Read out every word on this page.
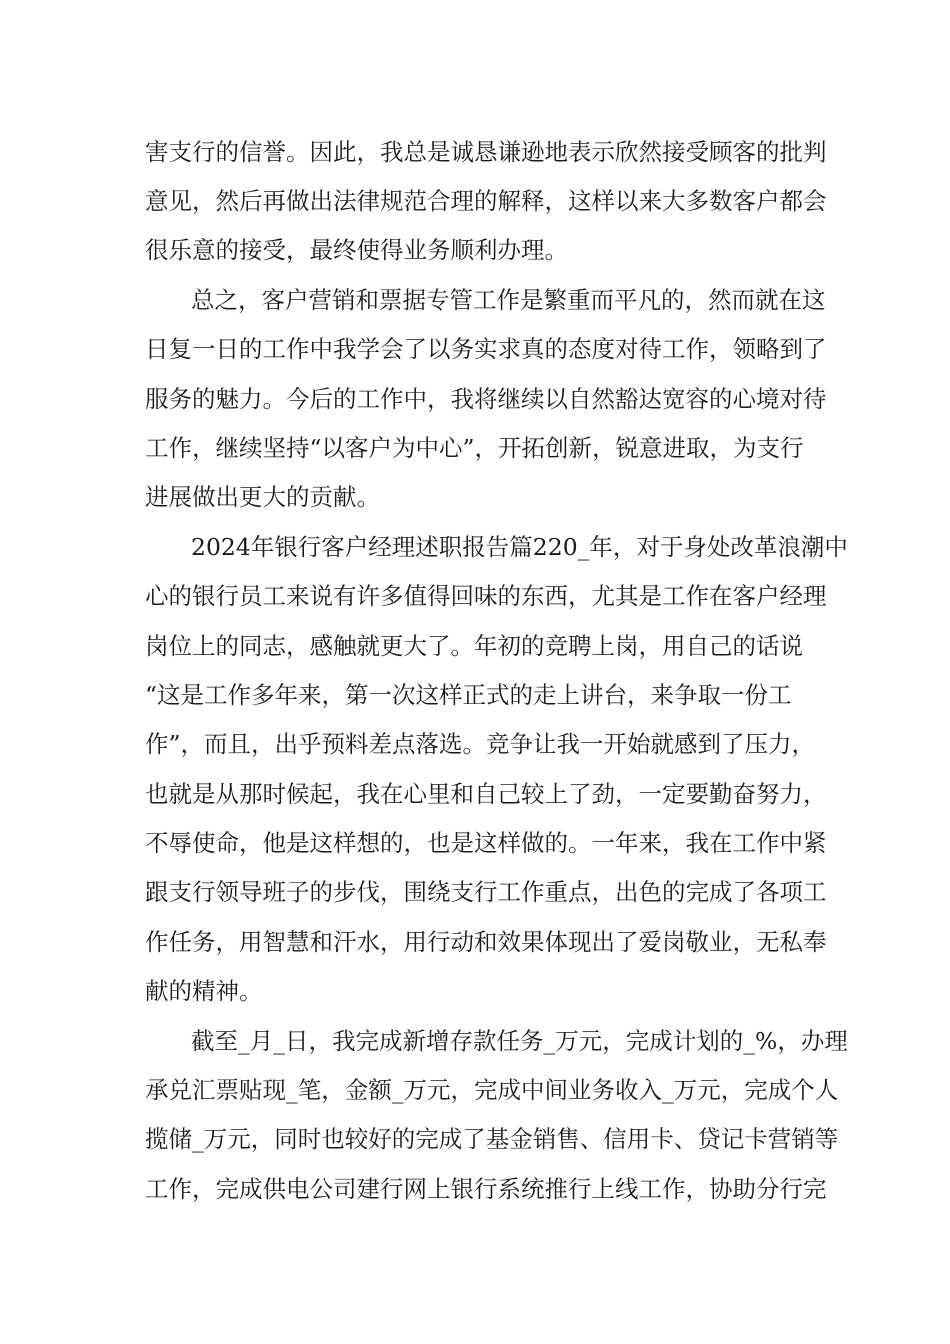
害支行的信誉。因此，我总是诚恳谦逊地表示欣然接受顾客的批判
意见，然后再做出法律规范合理的解释，这样以来大多数客户都会
很乐意的接受，最终使得业务顺利办理。
总之，客户营销和票据专管工作是繁重而平凡的，然而就在这
日复一日的工作中我学会了以务实求真的态度对待工作，领略到了
服务的魅力。今后的工作中，我将继续以自然豁达宽容的心境对待
工作，继续坚持“以客户为中心”，开拓创新，锐意进取，为支行
进展做出更大的贡献。
2024年银行客户经理述职报告篇220_年，对于身处改革浪潮中
心的银行员工来说有许多值得回味的东西，尤其是工作在客户经理
岗位上的同志，感触就更大了。年初的竞聘上岗，用自己的话说
“这是工作多年来，第一次这样正式的走上讲台，来争取一份工
作”，而且，出乎预料差点落选。竞争让我一开始就感到了压力，
也就是从那时候起，我在心里和自己较上了劲，一定要勤奋努力，
不辱使命，他是这样想的，也是这样做的。一年来，我在工作中紧
跟支行领导班子的步伐，围绕支行工作重点，出色的完成了各项工
作任务，用智慧和汗水，用行动和效果体现出了爱岗敬业，无私奉
献的精神。
截至_月_日，我完成新增存款任务_万元，完成计划的_%，办理
承兑汇票贴现_笔，金额_万元，完成中间业务收入_万元，完成个人
揽储_万元，同时也较好的完成了基金销售、信用卡、贷记卡营销等
工作，完成供电公司建行网上银行系统推行上线工作，协助分行完
